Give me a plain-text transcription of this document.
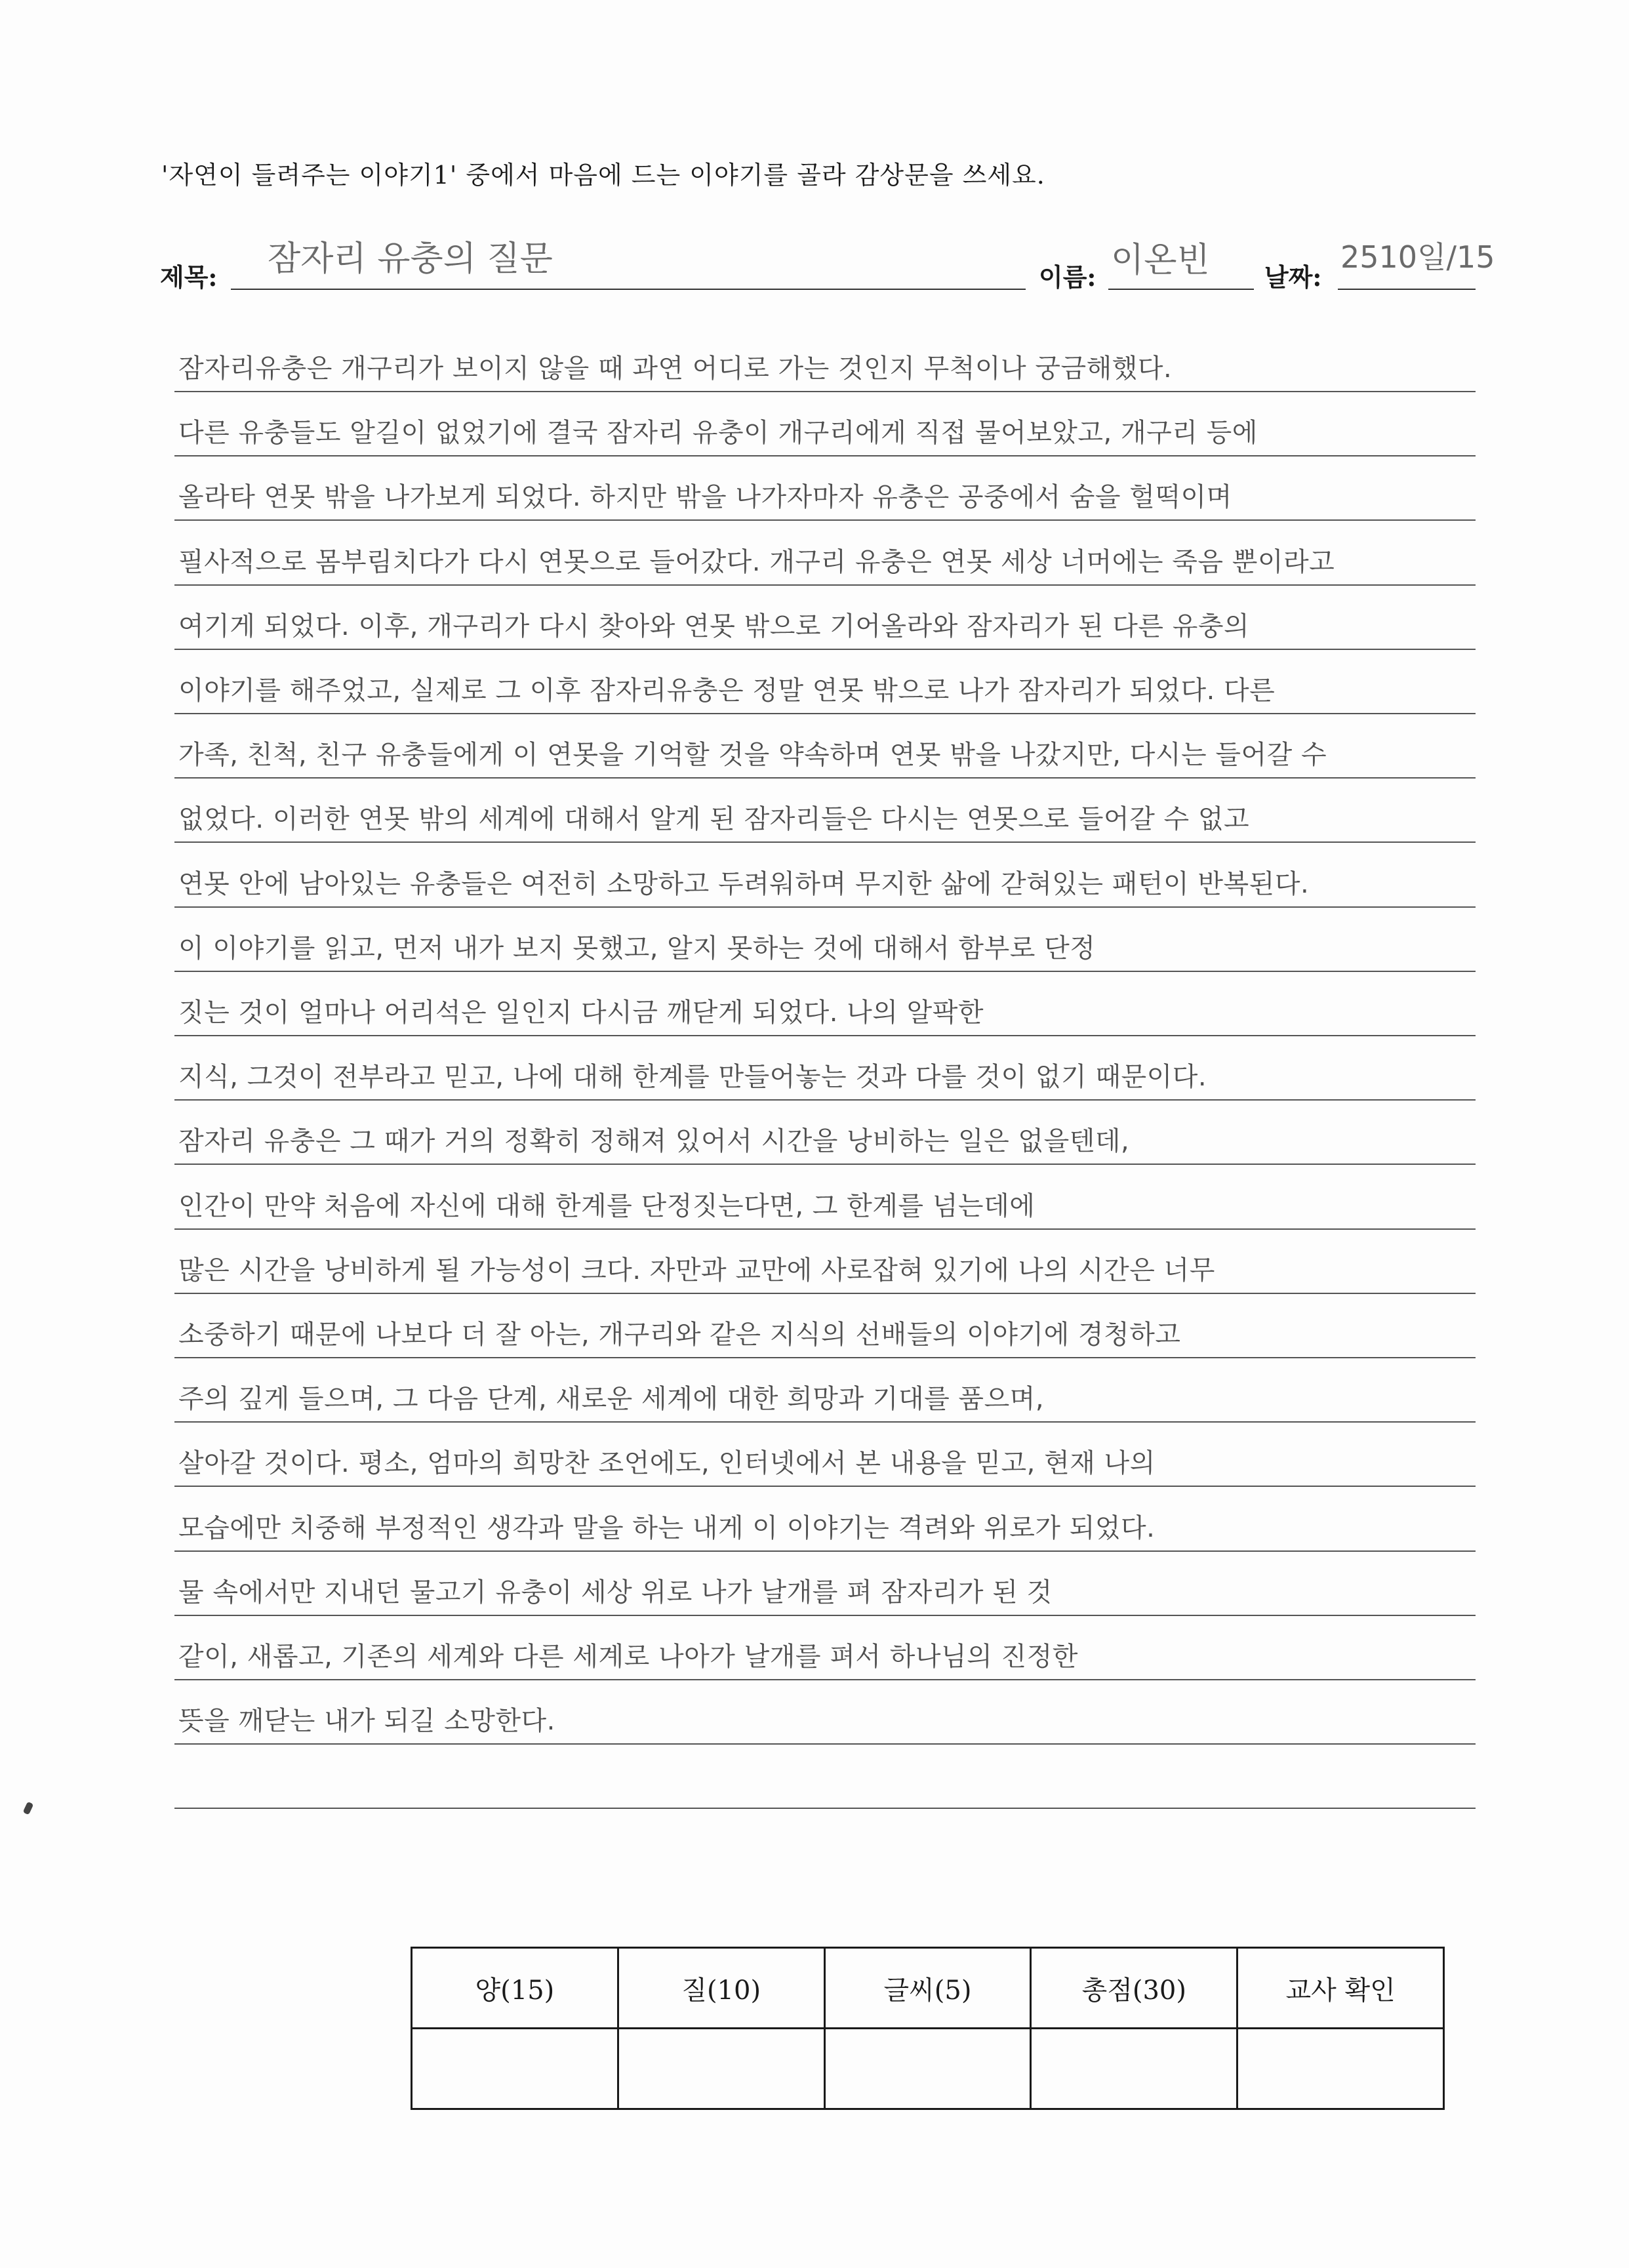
'자연이 들려주는 이야기1' 중에서 마음에 드는 이야기를 골라 감상문을 쓰세요.
제목: 잠자리 유충의 질문	이름: 이온빈 날짜:
2510일/15
잠자리유충은 개구리가 보이지 않을 때 과연 어디로 가는 것인지 무척이나 궁금해했다.
다른 유충들도 알길이 없었기에 결국 잠자리 유충이 개구리에게 직접 물어보았고, 개구리 등에
올라타 연못 밖을 나가보게 되었다. 하지만 밖을 나가자마자 유충은 공중에서 숨을 헐떡이며
필사적으로 몸부림치다가 다시 연못으로 들어갔다. 개구리 유충은 연못 세상 너머에는 죽음 뿐이라고
여기게 되었다. 이후, 개구리가 다시 찾아와 연못 밖으로 기어올라와 잠자리가 된 다른 유충의
이야기를 해주었고, 실제로 그 이후 잠자리유충은 정말 연못 밖으로 나가 잠자리가 되었다. 다른
가족, 친척, 친구 유충들에게 이 연못을 기억할 것을 약속하며 연못 밖을 나갔지만, 다시는 들어갈 수
없었다. 이러한 연못 밖의 세계에 대해서 알게 된 잠자리들은 다시는 연못으로 들어갈 수 없고
연못 안에 남아있는 유충들은 여전히 소망하고 두려워하며 무지한 삶에 갇혀있는 패턴이 반복된다.
이 이야기를 읽고, 먼저 내가 보지 못했고, 알지 못하는 것에 대해서 함부로 단정
짓는 것이 얼마나 어리석은 일인지 다시금 깨닫게 되었다. 나의 알팍한
지식, 그것이 전부라고 믿고, 나에 대해 한계를 만들어놓는 것과 다를 것이 없기 때문이다.
잠자리 유충은 그 때가 거의 정확히 정해져 있어서 시간을 낭비하는 일은 없을텐데,
인간이 만약 처음에 자신에 대해 한계를 단정짓는다면, 그 한계를 넘는데에
많은 시간을 낭비하게 될 가능성이 크다. 자만과 교만에 사로잡혀 있기에 나의 시간은 너무
소중하기 때문에 나보다 더 잘 아는, 개구리와 같은 지식의 선배들의 이야기에 경청하고
주의 깊게 들으며, 그 다음 단계, 새로운 세계에 대한 희망과 기대를 품으며,
살아갈 것이다. 평소, 엄마의 희망찬 조언에도, 인터넷에서 본 내용을 믿고, 현재 나의
모습에만 치중해 부정적인 생각과 말을 하는 내게 이 이야기는 격려와 위로가 되었다.
물 속에서만 지내던 물고기 유충이 세상 위로 나가 날개를 펴 잠자리가 된 것
같이, 새롭고, 기존의 세계와 다른 세계로 나아가 날개를 펴서 하나님의 진정한
뜻을 깨닫는 내가 되길 소망한다.
양(15)	질(10)	글씨(5)	총점(30)	교사 확인
